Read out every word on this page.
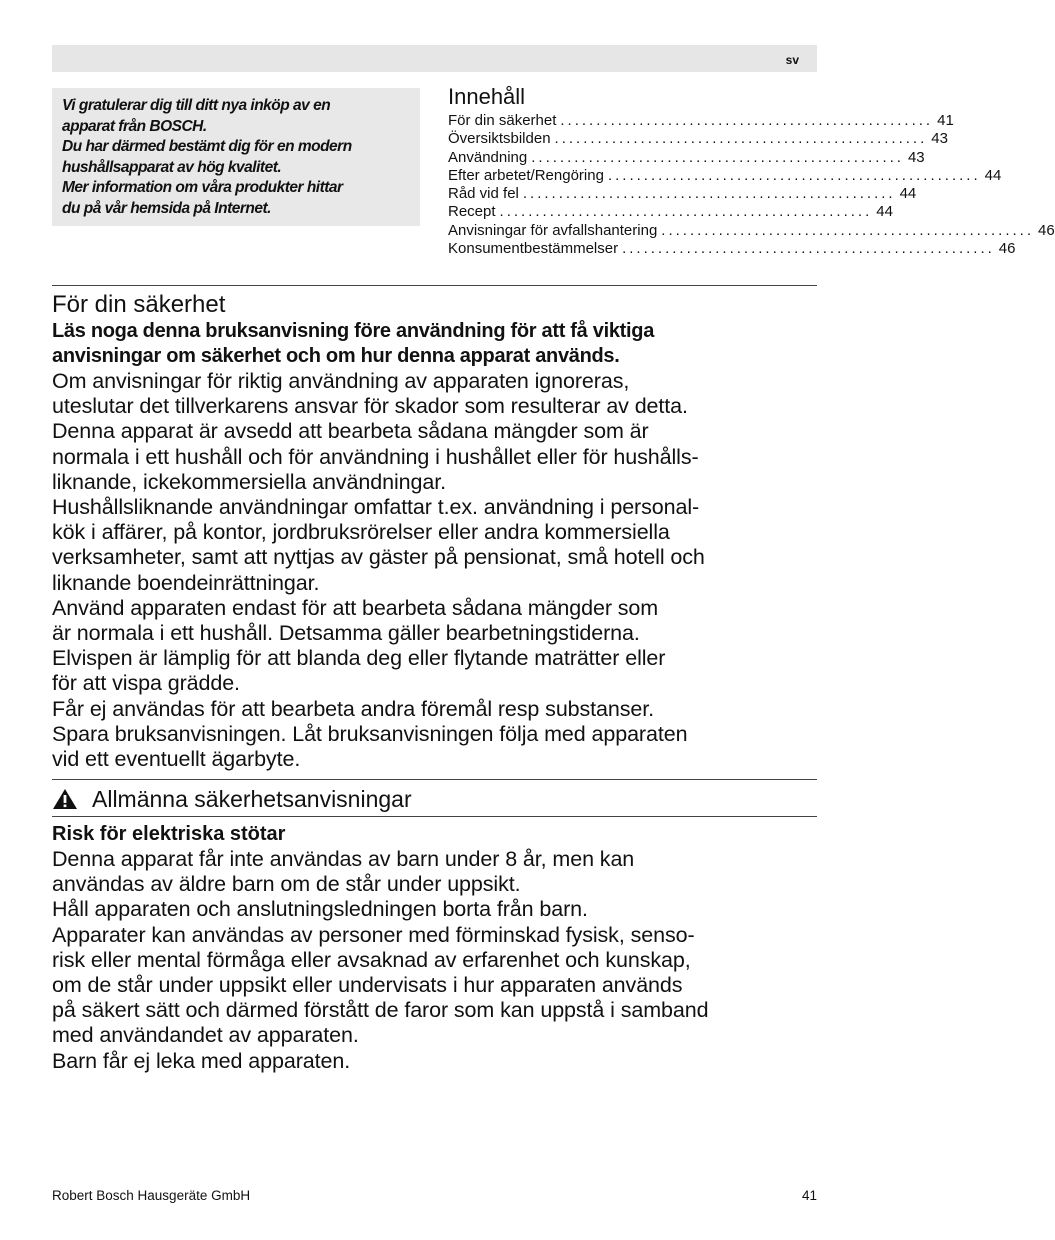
sv
Vi gratulerar dig till ditt nya inköp av en
apparat från BOSCH.
Du har därmed bestämt dig för en modern
hushållsapparat av hög kvalitet.
Mer information om våra produkter hittar
du på vår hemsida på Internet.
Innehåll
För din säkerhet .................................................... 41
Översiktsbilden .................................................... 43
Användning .................................................... 43
Efter arbetet/Rengöring .................................................... 44
Råd vid fel .................................................... 44
Recept .................................................... 44
Anvisningar för avfallshantering .................................................... 46
Konsumentbestämmelser .................................................... 46
För din säkerhet
Läs noga denna bruksanvisning före användning för att få viktiga
anvisningar om säkerhet och om hur denna apparat används.
Om anvisningar för riktig användning av apparaten ignoreras,
uteslutar det tillverkarens ansvar för skador som resulterar av detta.
Denna apparat är avsedd att bearbeta sådana mängder som är
normala i ett hushåll och för användning i hushållet eller för hushålls-
liknande, ickekommersiella användningar.
Hushållsliknande användningar omfattar t.ex. användning i personal-
kök i affärer, på kontor, jordbruksrörelser eller andra kommersiella
verksamheter, samt att nyttjas av gäster på pensionat, små hotell och
liknande boendeinrättningar.
Använd apparaten endast för att bearbeta sådana mängder som
är normala i ett hushåll. Detsamma gäller bearbetningstiderna.
Elvispen är lämplig för att blanda deg eller flytande maträtter eller
för att vispa grädde.
Får ej användas för att bearbeta andra föremål resp substanser.
Spara bruksanvisningen. Låt bruksanvisningen följa med apparaten
vid ett eventuellt ägarbyte.
Allmänna säkerhetsanvisningar
Risk för elektriska stötar
Denna apparat får inte användas av barn under 8 år, men kan
användas av äldre barn om de står under uppsikt.
Håll apparaten och anslutningsledningen borta från barn.
Apparater kan användas av personer med förminskad fysisk, senso-
risk eller mental förmåga eller avsaknad av erfarenhet och kunskap,
om de står under uppsikt eller undervisats i hur apparaten används
på säkert sätt och därmed förstått de faror som kan uppstå i samband
med användandet av apparaten.
Barn får ej leka med apparaten.
Robert Bosch Hausgeräte GmbH	41
